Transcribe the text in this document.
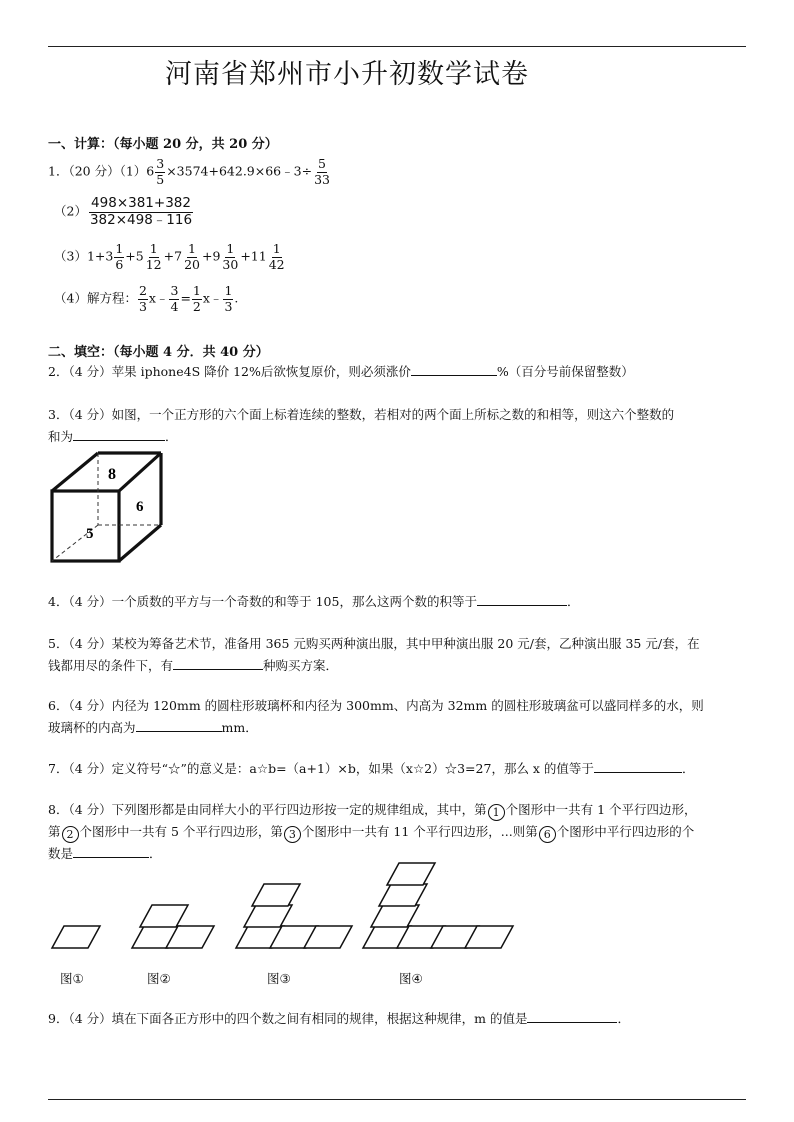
河南省郑州市小升初数学试卷
一、计算：（每小题 20 分，共 20 分）
1．（20 分）$(1)6 \frac{3}{5}$ ×3574+642.9×66﹣3÷ $\frac{5}{33}$
$(2) \frac{498\times 381+382}{382\times 498﹣116}$
$(3)1+3 \frac{1}{6} +5 \frac{1}{12} +7 \frac{1}{20} +9 \frac{1}{30} +11 \frac{1}{42}$
（4）解方程： $\frac{2}{3}$ x﹣ $\frac{3}{4} = \frac{1}{2}$ x﹣ $\frac{1}{3}$ .
二、填空：（每小题 4 分．共 40 分）
2．（4 分）苹果 iphone4S 降价 12%后欲恢复原价，则必须涨价	%（百分号前保留整数）
3．（4 分）如图，一个正方形的六个面上标着连续的整数，若相对的两个面上所标之数的和相等，则这六个整数的
和为	．
8
6
5
4．（4 分）一个质数的平方与一个奇数的和等于 105，那么这两个数的积等于	．
5．（4 分）某校为筹备艺术节，准备用 365 元购买两种演出服，其中甲种演出服 20 元/套，乙种演出服 35 元/套，在
钱都用尽的条件下，有	种购买方案．
6．（4 分）内径为 120mm 的圆柱形玻璃杯和内径为 300mm、内高为 32mm 的圆柱形玻璃盆可以盛同样多的水，则
玻璃杯的内高为	mm．
7．（4 分）定义符号“☆”的意义是：a☆b=（a+1）×b，如果（x☆2）☆3=27，那么 x 的值等于	．
8．（4 分）下列图形都是由同样大小的平行四边形按一定的规律组成，其中，第 1 个图形中一共有 1 个平行四边形，
第 2 个图形中一共有 5 个平行四边形，第 3 个图形中一共有 11 个平行四边形，...则第 6 个图形中平行四边形的个
数是	．
图①	图②	图③	图④
9．（4 分）填在下面各正方形中的四个数之间有相同的规律，根据这种规律，m 的值是	．
